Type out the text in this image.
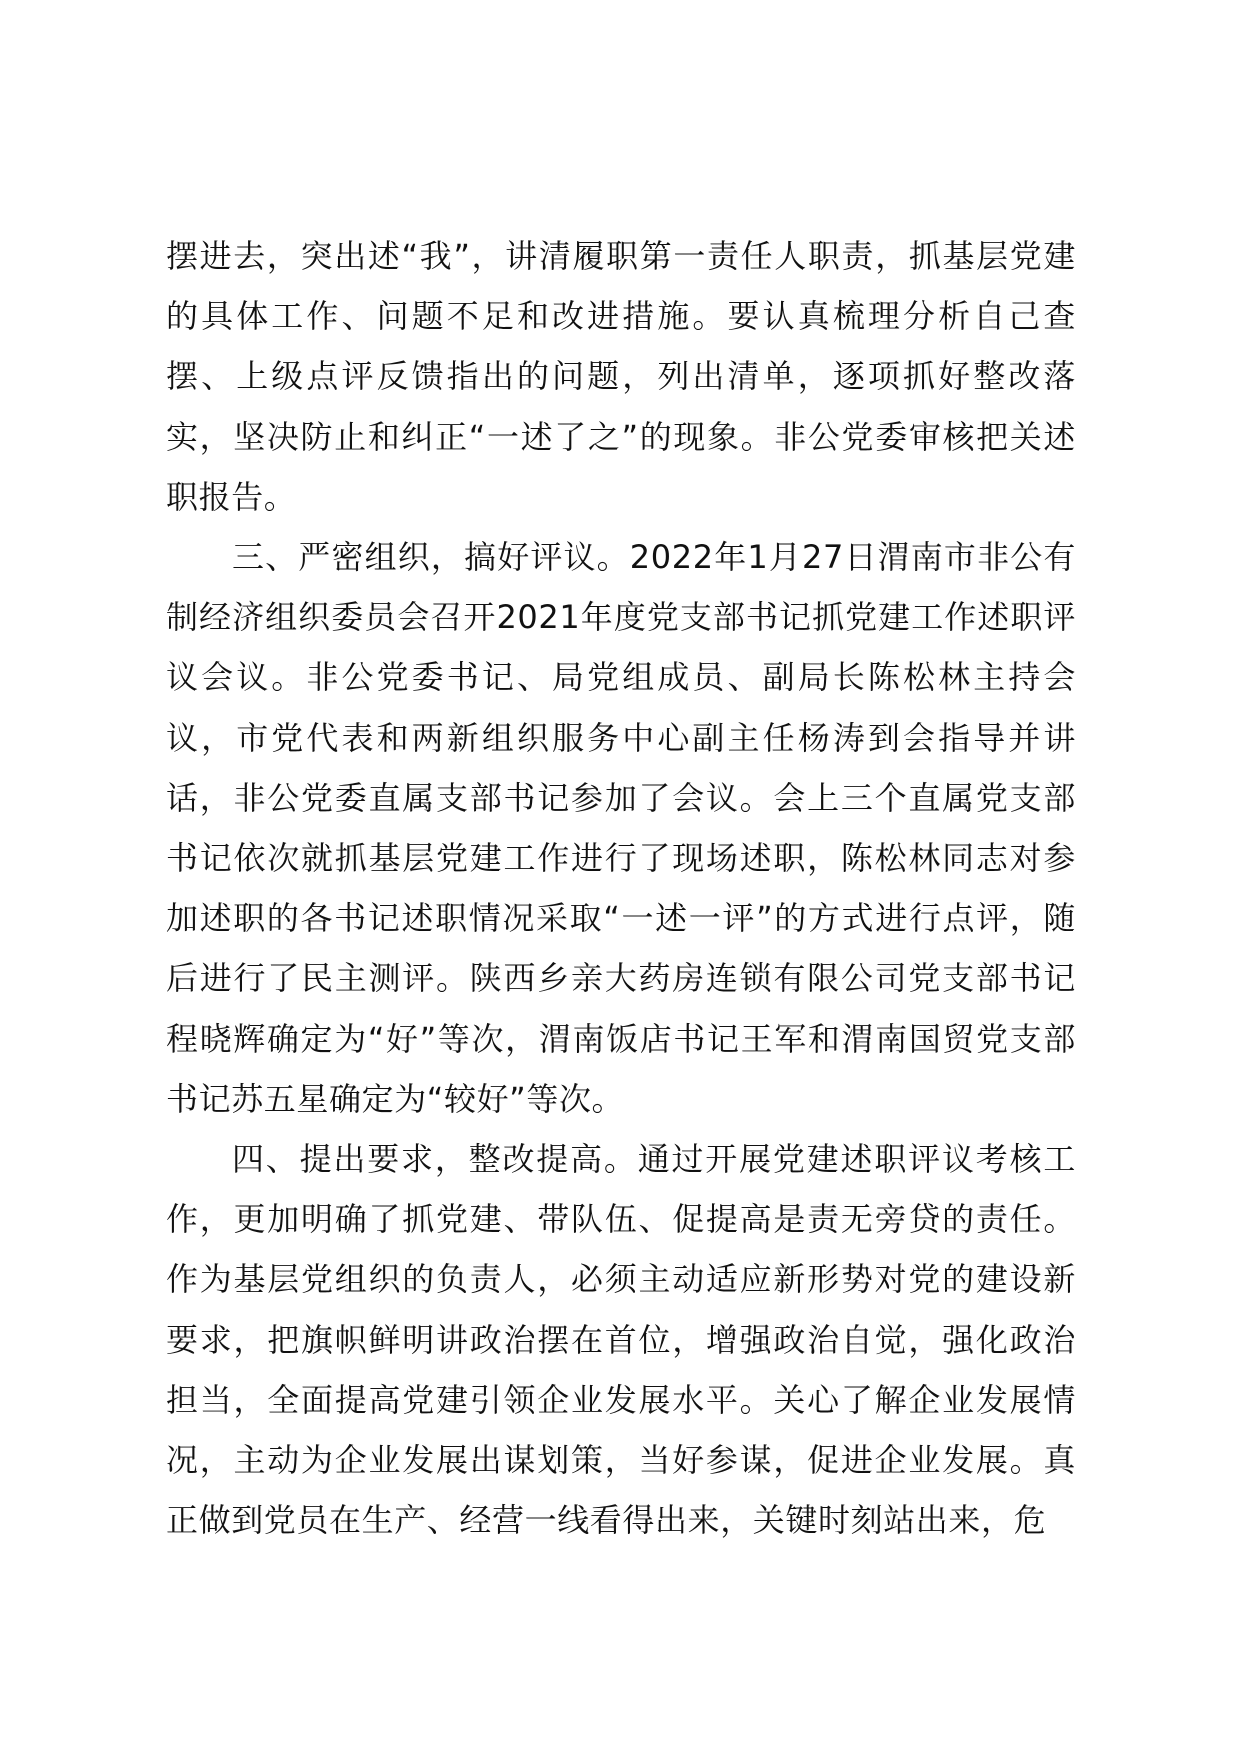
摆进去，突出述“我”，讲清履职第一责任人职责，抓基层党建的具体工作、问题不足和改进措施。要认真梳理分析自己查摆、上级点评反馈指出的问题，列出清单，逐项抓好整改落实，坚决防止和纠正“一述了之”的现象。非公党委审核把关述职报告。

三、严密组织，搞好评议。2022年1月27日渭南市非公有制经济组织委员会召开2021年度党支部书记抓党建工作述职评议会议。非公党委书记、局党组成员、副局长陈松林主持会议，市党代表和两新组织服务中心副主任杨涛到会指导并讲话，非公党委直属支部书记参加了会议。会上三个直属党支部书记依次就抓基层党建工作进行了现场述职，陈松林同志对参加述职的各书记述职情况采取“一述一评”的方式进行点评，随后进行了民主测评。陕西乡亲大药房连锁有限公司党支部书记程晓辉确定为“好”等次，渭南饭店书记王军和渭南国贸党支部书记苏五星确定为“较好”等次。

四、提出要求，整改提高。通过开展党建述职评议考核工作，更加明确了抓党建、带队伍、促提高是责无旁贷的责任。作为基层党组织的负责人，必须主动适应新形势对党的建设新要求，把旗帜鲜明讲政治摆在首位，增强政治自觉，强化政治担当，全面提高党建引领企业发展水平。关心了解企业发展情况，主动为企业发展出谋划策，当好参谋，促进企业发展。真正做到党员在生产、经营一线看得出来，关键时刻站出来，危
